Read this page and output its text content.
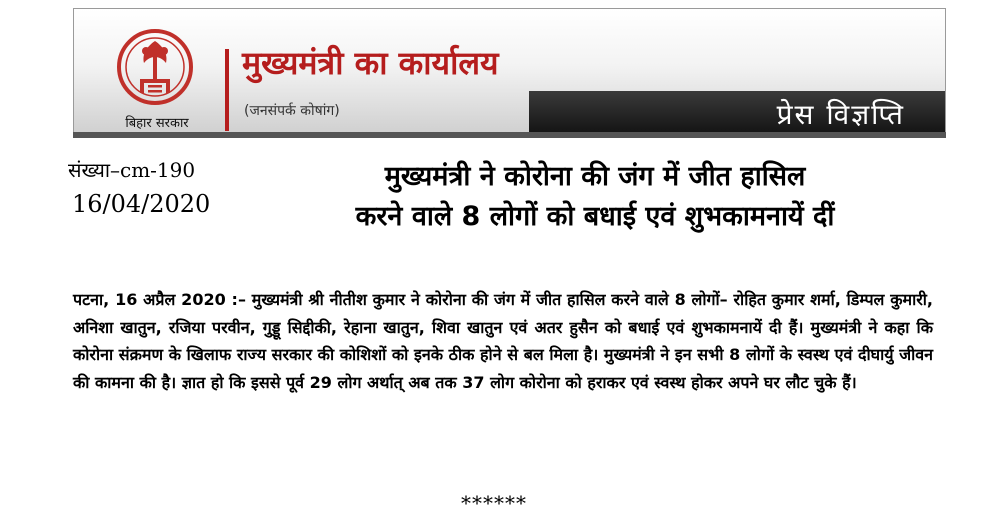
बिहार सरकार
मुख्यमंत्री का कार्यालय
(जनसंपर्क कोषांग)	प्रेस विज्ञप्ति
संख्या–cm-190
16/04/2020
मुख्यमंत्री ने कोरोना की जंग में जीत हासिल
करने वाले 8 लोगों को बधाई एवं शुभकामनायें दीं
पटना, 16 अप्रैल 2020 :– मुख्यमंत्री श्री नीतीश कुमार ने कोरोना की जंग में जीत हासिल करने वाले 8 लोगों– रोहित कुमार शर्मा, डिम्पल कुमारी, अनिशा खातुन, रजिया परवीन, गुड्डू सिद्दीकी, रेहाना खातुन, शिवा खातुन एवं अतर हुसैन को बधाई एवं शुभकामनायें दी हैं। मुख्यमंत्री ने कहा कि कोरोना संक्रमण के खिलाफ राज्य सरकार की कोशिशों को इनके ठीक होने से बल मिला है। मुख्यमंत्री ने इन सभी 8 लोगों के स्वस्थ एवं दीघार्यु जीवन की कामना की है। ज्ञात हो कि इससे पूर्व 29 लोग अर्थात् अब तक 37 लोग कोरोना को हराकर एवं स्वस्थ होकर अपने घर लौट चुके हैं।
******
